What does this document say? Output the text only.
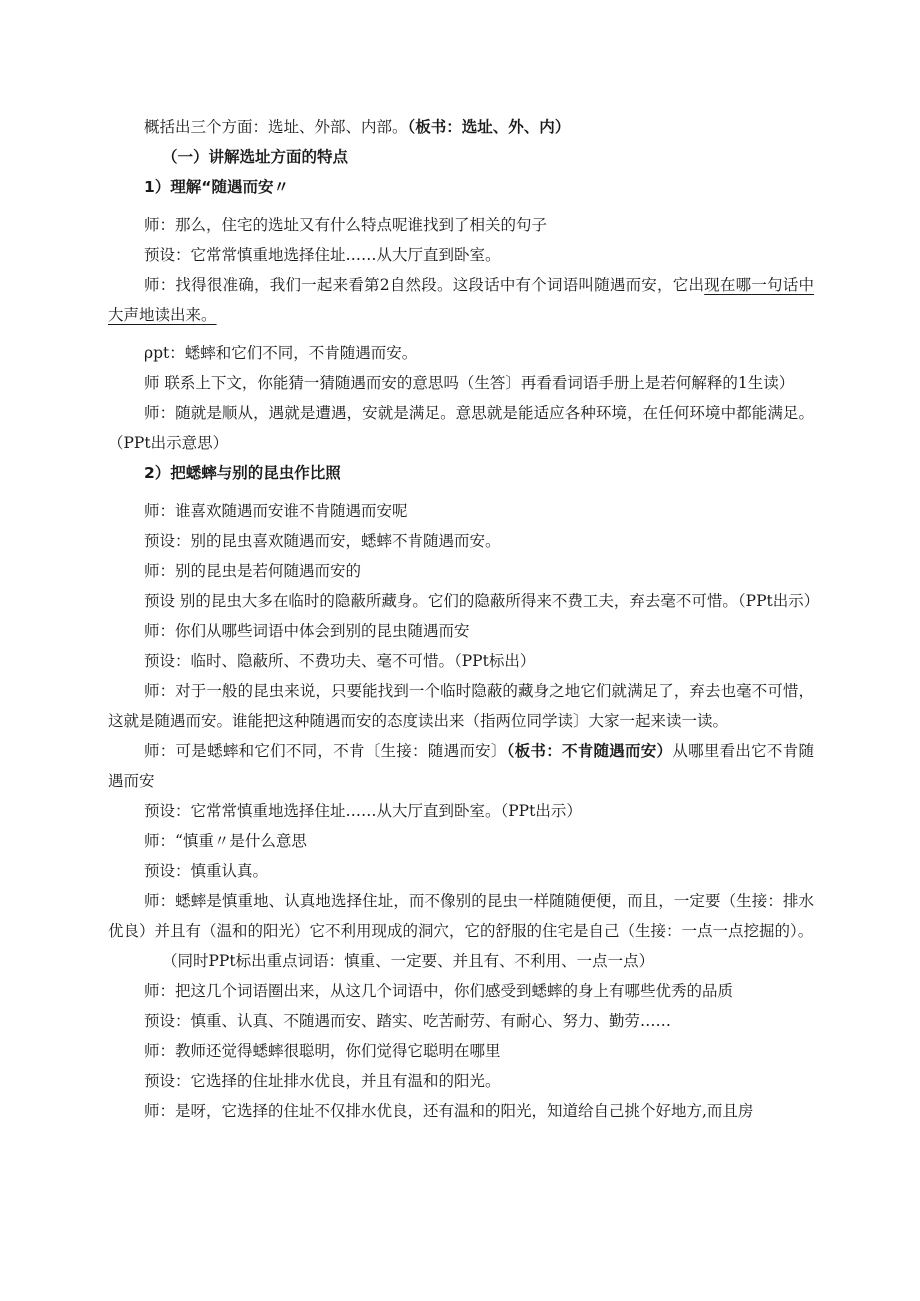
概括出三个方面：选址、外部、内部。（板书：选址、外、内）

（一）讲解选址方面的特点

1）理解“随遇而安〃

师：那么，住宅的选址又有什么特点呢谁找到了相关的句子

预设：它常常慎重地选择住址……从大厅直到卧室。

师：找得很准确，我们一起来看第2自然段。这段话中有个词语叫随遇而安，它出现在哪一句话中大声地读出来。

ρpt：蟋蟀和它们不同，不肯随遇而安。

师 联系上下文，你能猜一猜随遇而安的意思吗（生答〕再看看词语手册上是若何解释的1生读）

师：随就是顺从，遇就是遭遇，安就是满足。意思就是能适应各种环境，在任何环境中都能满足。（PPt出示意思）

2）把蟋蟀与别的昆虫作比照

师：谁喜欢随遇而安谁不肯随遇而安呢

预设：别的昆虫喜欢随遇而安，蟋蟀不肯随遇而安。

师：别的昆虫是若何随遇而安的

预设 别的昆虫大多在临时的隐蔽所藏身。它们的隐蔽所得来不费工夫，弃去毫不可惜。（PPt出示）

师：你们从哪些词语中体会到别的昆虫随遇而安

预设：临时、隐蔽所、不费功夫、毫不可惜。（PPt标出）

师：对于一般的昆虫来说，只要能找到一个临时隐蔽的藏身之地它们就满足了，弃去也毫不可惜，这就是随遇而安。谁能把这种随遇而安的态度读出来（指两位同学读〕大家一起来读一读。

师：可是蟋蟀和它们不同，不肯〔生接：随遇而安〕（板书：不肯随遇而安）从哪里看出它不肯随遇而安

预设：它常常慎重地选择住址……从大厅直到卧室。（PPt出示）

师：“慎重〃是什么意思

预设：慎重认真。

师：蟋蟀是慎重地、认真地选择住址，而不像别的昆虫一样随随便便，而且，一定要（生接：排水优良）并且有（温和的阳光）它不利用现成的洞穴，它的舒服的住宅是自己（生接：一点一点挖掘的）。

（同时PPt标出重点词语：慎重、一定要、并且有、不利用、一点一点）

师：把这几个词语圈出来，从这几个词语中，你们感受到蟋蟀的身上有哪些优秀的品质

预设：慎重、认真、不随遇而安、踏实、吃苦耐劳、有耐心、努力、勤劳……

师：教师还觉得蟋蟀很聪明，你们觉得它聪明在哪里

预设：它选择的住址排水优良，并且有温和的阳光。

师：是呀，它选择的住址不仅排水优良，还有温和的阳光，知道给自己挑个好地方,而且房
